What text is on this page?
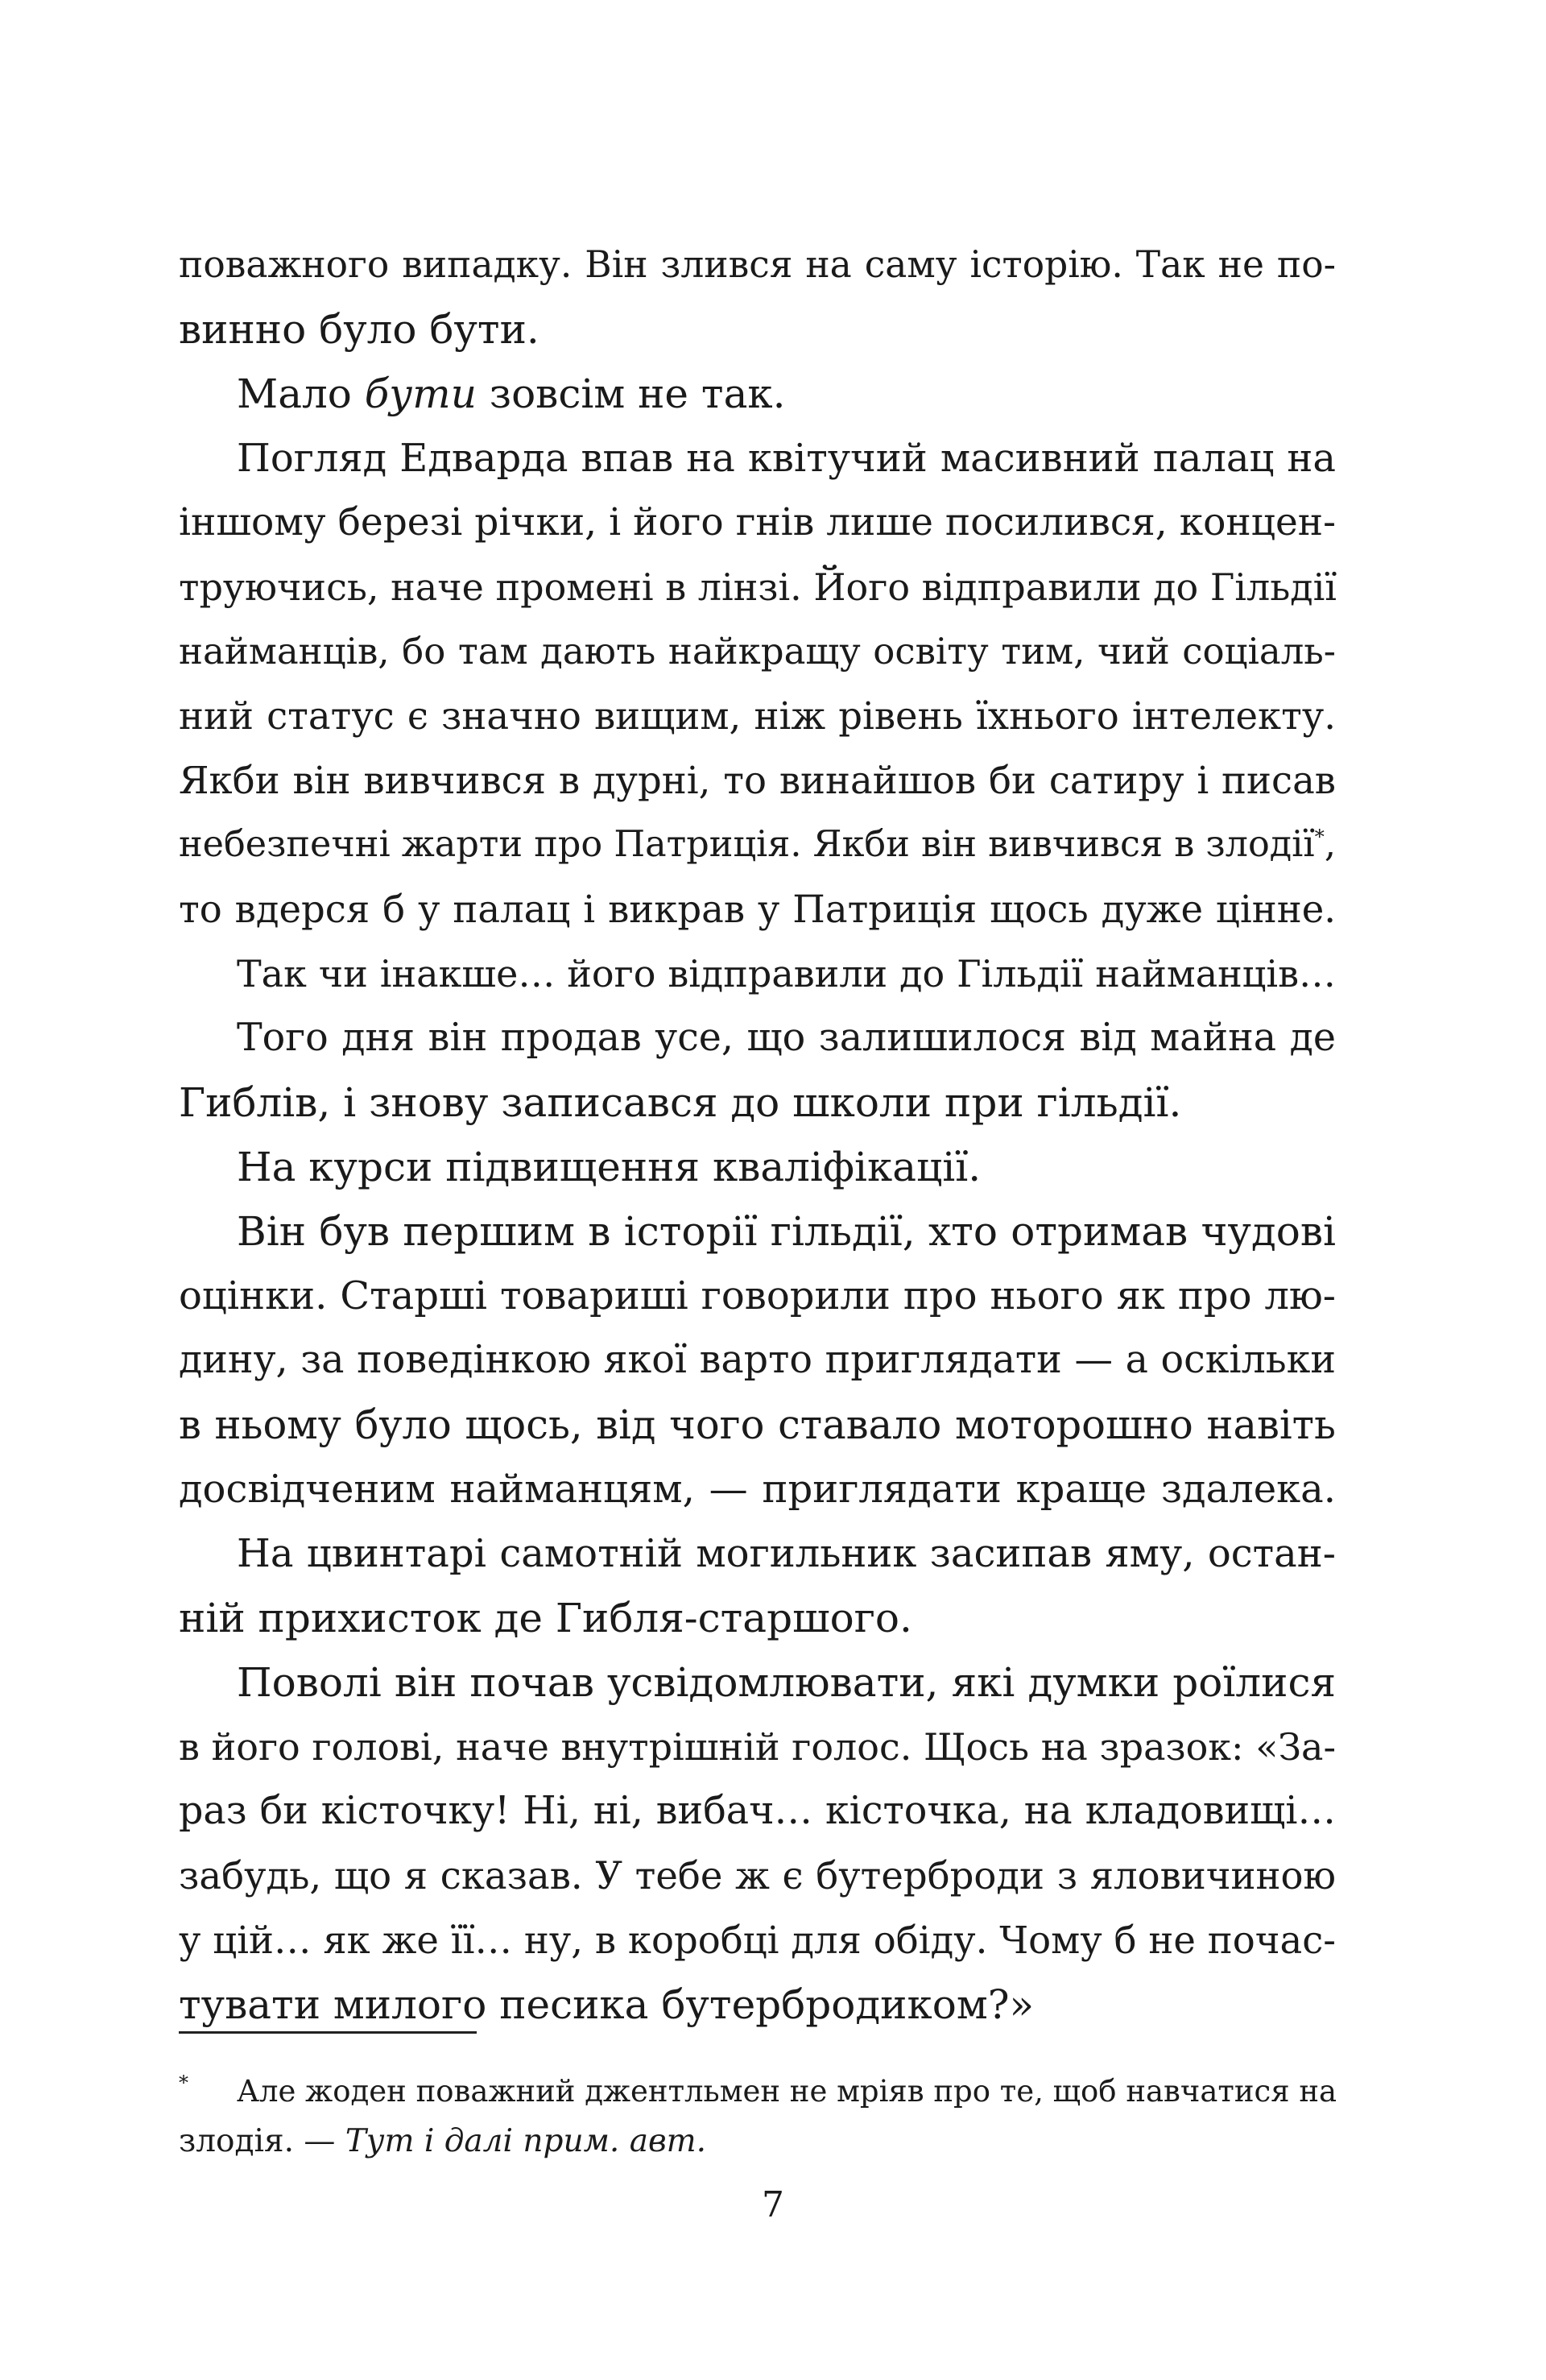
поважного випадку. Він злився на саму історію. Так не по-

винно було бути.

Мало бути зовсім не так.

Погляд Едварда впав на квітучий масивний палац на

іншому березі річки, і його гнів лише посилився, концен-

труючись, наче промені в лінзі. Його відправили до Гільдії

найманців, бо там дають найкращу освіту тим, чий соціаль-

ний статус є значно вищим, ніж рівень їхнього інтелекту.

Якби він вивчився в дурні, то винайшов би сатиру і писав

небезпечні жарти про Патриція. Якби він вивчився в злодії*,

то вдерся б у палац і викрав у Патриція щось дуже цінне.

Так чи інакше… його відправили до Гільдії найманців…

Того дня він продав усе, що залишилося від майна де

Гиблів, і знову записався до школи при гільдії.

На курси підвищення кваліфікації.

Він був першим в історії гільдії, хто отримав чудові

оцінки. Старші товариші говорили про нього як про лю-

дину, за поведінкою якої варто приглядати — а оскільки

в ньому було щось, від чого ставало моторошно навіть

досвідченим найманцям, — приглядати краще здалека.

На цвинтарі самотній могильник засипав яму, остан-

ній прихисток де Гибля-старшого.

Поволі він почав усвідомлювати, які думки роїлися

в його голові, наче внутрішній голос. Щось на зразок: «За-

раз би кісточку! Ні, ні, вибач… кісточка, на кладовищі…

забудь, що я сказав. У тебе ж є бутерброди з яловичиною

у цій… як же її… ну, в коробці для обіду. Чому б не почас-

тувати милого песика бутербродиком?»

* Але жоден поважний джентльмен не мріяв про те, щоб навчатися на

злодія. — Тут і далі прим. авт.

7
